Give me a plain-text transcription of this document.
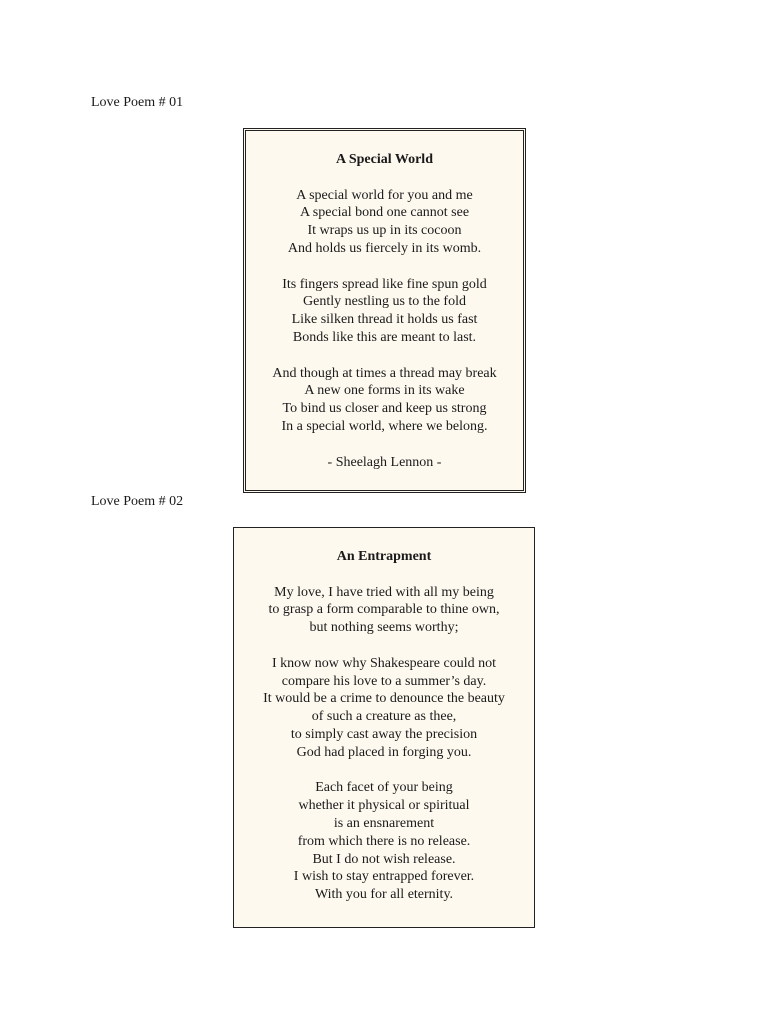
Love Poem # 01
A Special World
A special world for you and me
A special bond one cannot see
It wraps us up in its cocoon
And holds us fiercely in its womb.
Its fingers spread like fine spun gold
Gently nestling us to the fold
Like silken thread it holds us fast
Bonds like this are meant to last.
And though at times a thread may break
A new one forms in its wake
To bind us closer and keep us strong
In a special world, where we belong.
- Sheelagh Lennon -
Love Poem # 02
An Entrapment
My love, I have tried with all my being
to grasp a form comparable to thine own,
but nothing seems worthy;
I know now why Shakespeare could not
compare his love to a summer’s day.
It would be a crime to denounce the beauty
of such a creature as thee,
to simply cast away the precision
God had placed in forging you.
Each facet of your being
whether it physical or spiritual
is an ensnarement
from which there is no release.
But I do not wish release.
I wish to stay entrapped forever.
With you for all eternity.
